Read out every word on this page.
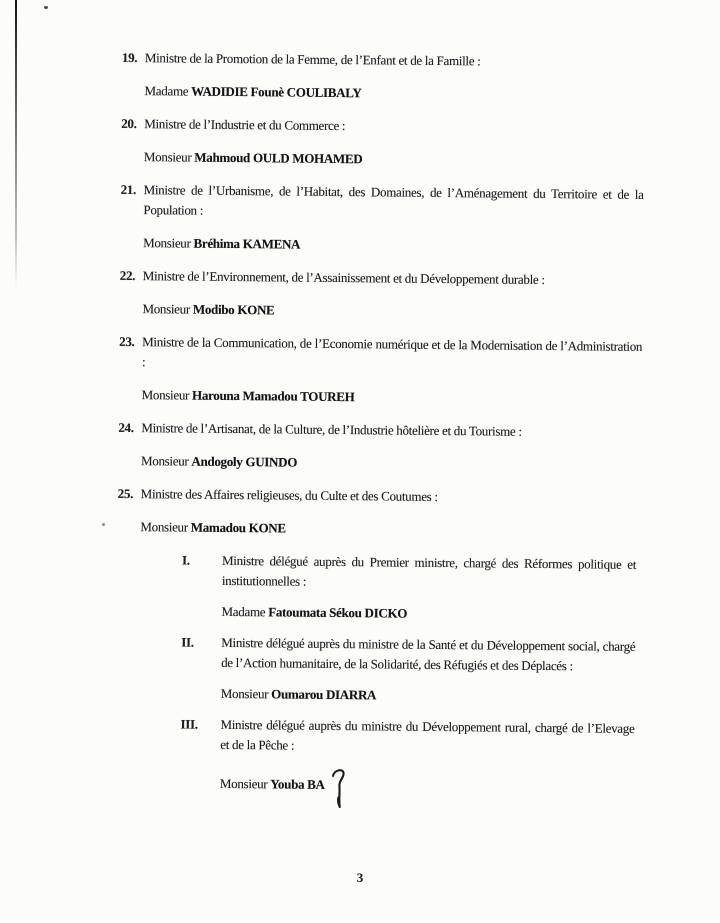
19. Ministre de la Promotion de la Femme, de l’Enfant et de la Famille :

Madame WADIDIE Founè COULIBALY

20. Ministre de l’Industrie et du Commerce :

Monsieur Mahmoud OULD MOHAMED

21. Ministre de l’Urbanisme, de l’Habitat, des Domaines, de l’Aménagement du Territoire et de la Population :

Monsieur Bréhima KAMENA

22. Ministre de l’Environnement, de l’Assainissement et du Développement durable :

Monsieur Modibo KONE

23. Ministre de la Communication, de l’Economie numérique et de la Modernisation de l’Administration :

Monsieur Harouna Mamadou TOUREH

24. Ministre de l’Artisanat, de la Culture, de l’Industrie hôtelière et du Tourisme :

Monsieur Andogoly GUINDO

25. Ministre des Affaires religieuses, du Culte et des Coutumes :

Monsieur Mamadou KONE

I.	Ministre délégué auprès du Premier ministre, chargé des Réformes politique et institutionnelles :

Madame Fatoumata Sékou DICKO

II.	Ministre délégué auprès du ministre de la Santé et du Développement social, chargé de l’Action humanitaire, de la Solidarité, des Réfugiés et des Déplacés :

Monsieur Oumarou DIARRA

III.	Ministre délégué auprès du ministre du Développement rural, chargé de l’Elevage et de la Pêche :

Monsieur Youba BA

3
